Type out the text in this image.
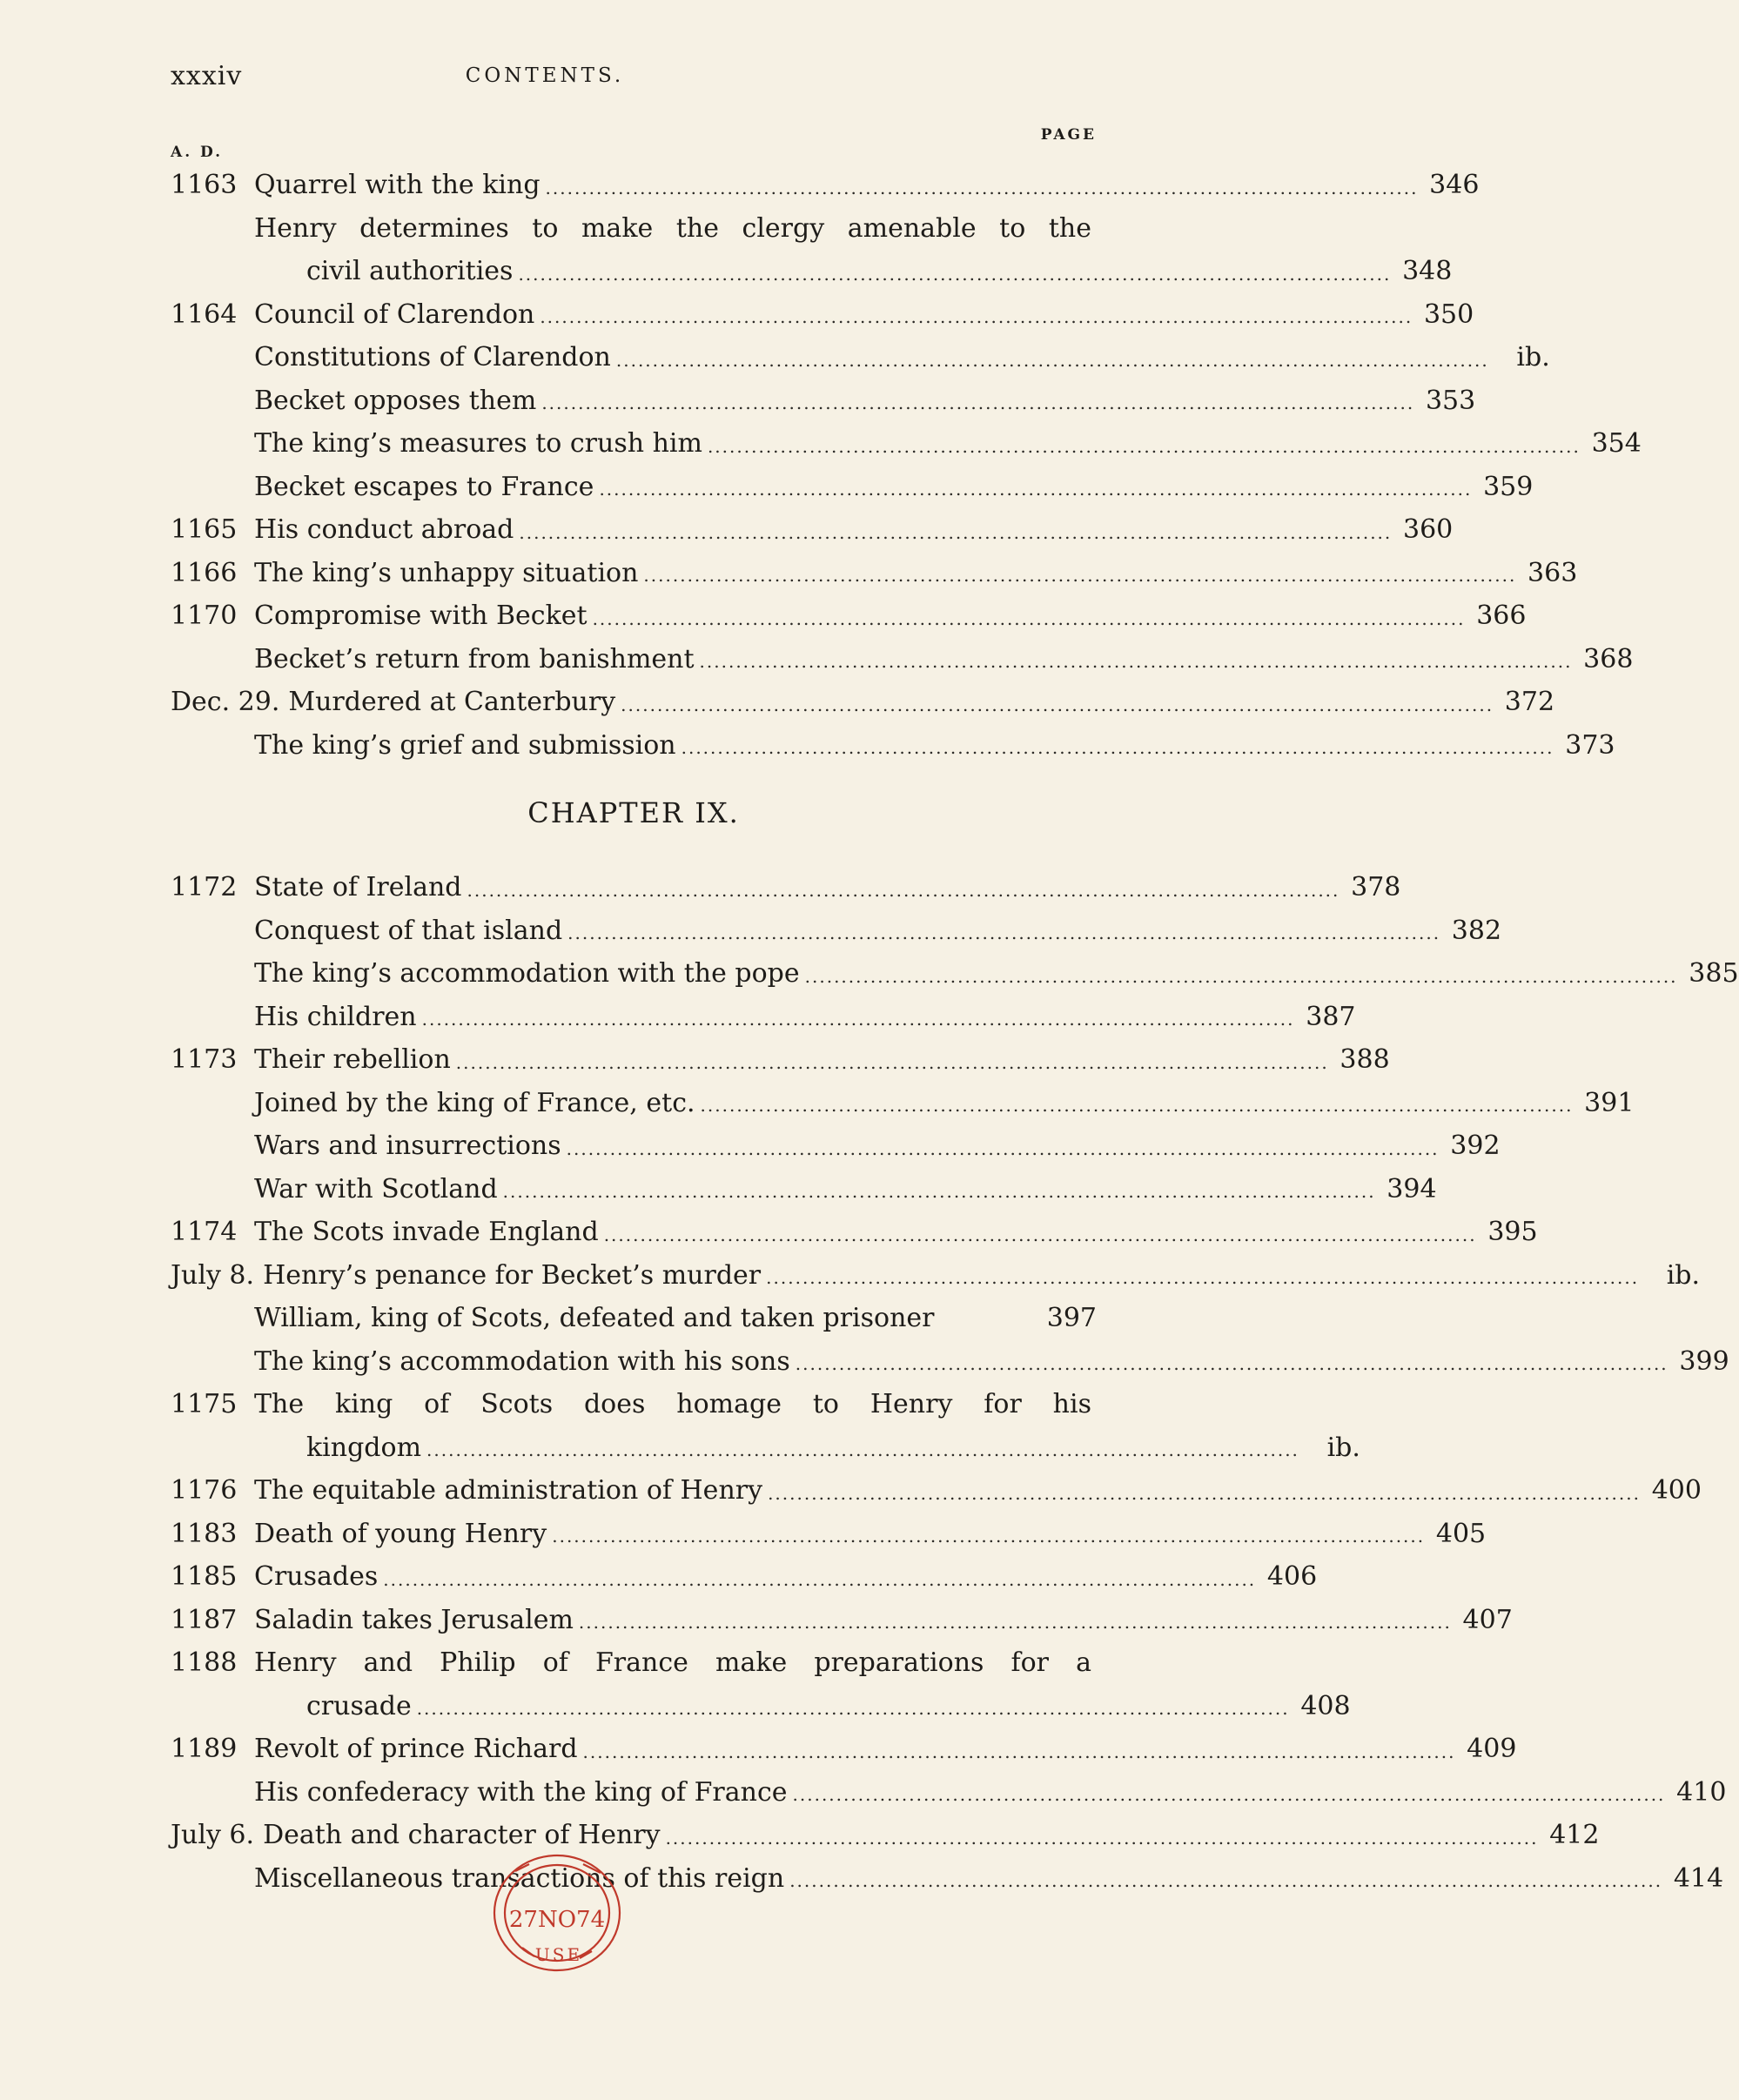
xxxiv	CONTENTS.
A. D.
PAGE
1163 Quarrel with the king ........................................................................................................................ 346
Henry determines to make the clergy amenable to the
civil authorities ........................................................................................................................ 348
1164 Council of Clarendon ........................................................................................................................ 350
Constitutions of Clarendon ........................................................................................................................	ib.
Becket opposes them ........................................................................................................................ 353
The king’s measures to crush him ........................................................................................................................ 354
Becket escapes to France ........................................................................................................................ 359
1165 His conduct abroad ........................................................................................................................ 360
1166 The king’s unhappy situation ........................................................................................................................ 363
1170 Compromise with Becket ........................................................................................................................ 366
Becket’s return from banishment ........................................................................................................................ 368
Dec. 29. Murdered at Canterbury ........................................................................................................................ 372
The king’s grief and submission ........................................................................................................................ 373
CHAPTER IX.
1172 State of Ireland ........................................................................................................................ 378
Conquest of that island ........................................................................................................................ 382
The king’s accommodation with the pope ........................................................................................................................ 385
His children ........................................................................................................................ 387
1173 Their rebellion ........................................................................................................................ 388
Joined by the king of France, etc. ........................................................................................................................ 391
Wars and insurrections ........................................................................................................................ 392
War with Scotland ........................................................................................................................ 394
1174 The Scots invade England ........................................................................................................................ 395
July 8. Henry’s penance for Becket’s murder ........................................................................................................................	ib.
William, king of Scots, defeated and taken prisoner	397
The king’s accommodation with his sons ........................................................................................................................ 399
1175 The king of Scots does homage to Henry for his
kingdom ........................................................................................................................	ib.
1176 The equitable administration of Henry ........................................................................................................................ 400
1183 Death of young Henry ........................................................................................................................ 405
1185 Crusades ........................................................................................................................ 406
1187 Saladin takes Jerusalem ........................................................................................................................ 407
1188 Henry and Philip of France make preparations for a
crusade ........................................................................................................................ 408
1189 Revolt of prince Richard ........................................................................................................................ 409
His confederacy with the king of France ........................................................................................................................ 410
July 6. Death and character of Henry ........................................................................................................................ 412
Miscellaneous transactions of this reign ........................................................................................................................ 414
27NO74
USE
